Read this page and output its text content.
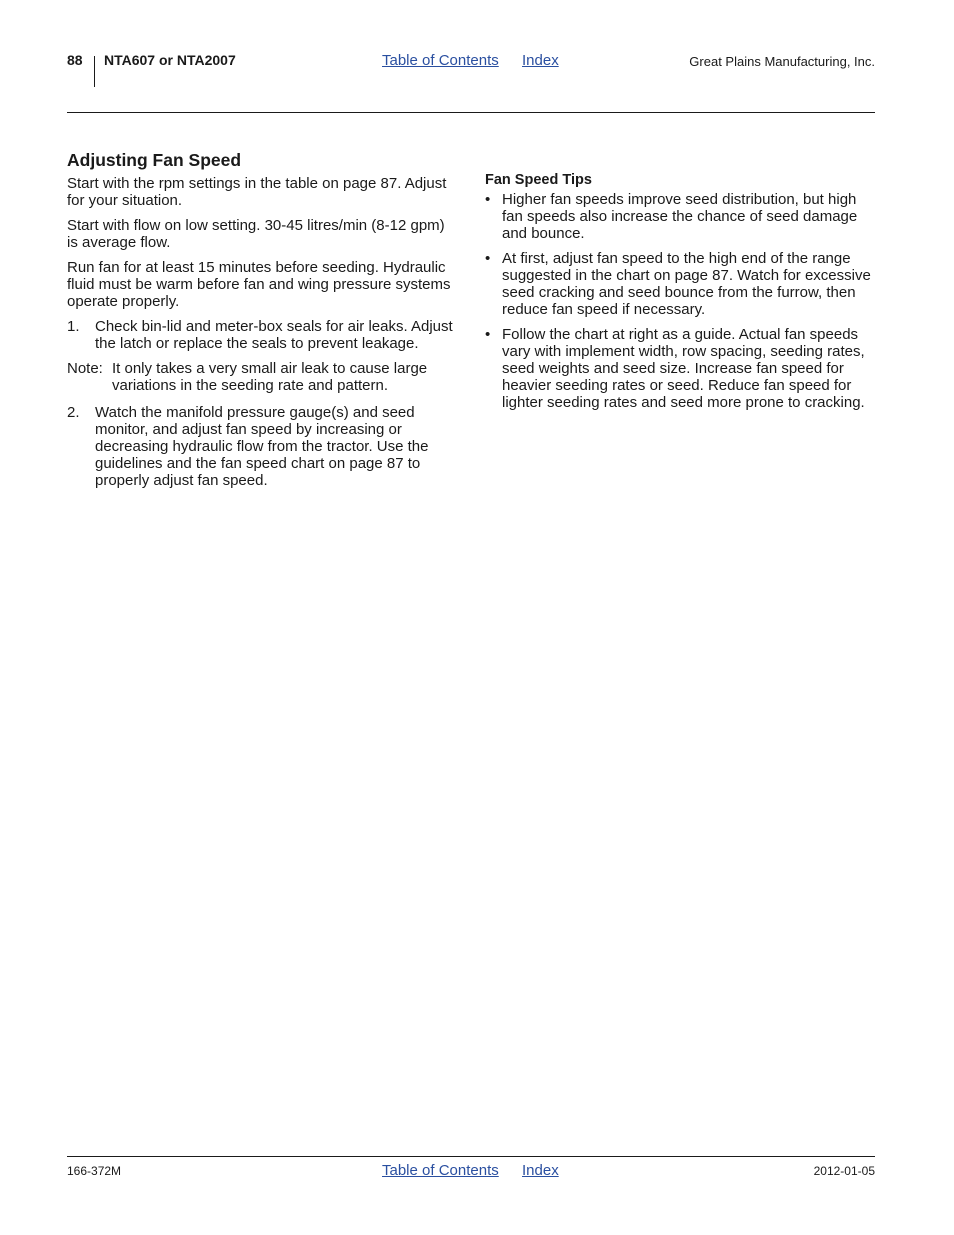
88 NTA607 or NTA2007	Table of Contents Index	Great Plains Manufacturing, Inc.
Adjusting Fan Speed

Start with the rpm settings in the table on page 87. Adjust for your situation.

Start with flow on low setting. 30-45 litres/min (8-12 gpm) is average flow.

Run fan for at least 15 minutes before seeding. Hydraulic fluid must be warm before fan and wing pressure systems operate properly.

1. Check bin-lid and meter-box seals for air leaks. Adjust the latch or replace the seals to prevent leakage.
Note: It only takes a very small air leak to cause large variations in the seeding rate and pattern.
2. Watch the manifold pressure gauge(s) and seed monitor, and adjust fan speed by increasing or decreasing hydraulic flow from the tractor. Use the guidelines and the fan speed chart on page 87 to properly adjust fan speed.
Fan Speed Tips
• Higher fan speeds improve seed distribution, but high fan speeds also increase the chance of seed damage and bounce.
• At first, adjust fan speed to the high end of the range suggested in the chart on page 87. Watch for excessive seed cracking and seed bounce from the furrow, then reduce fan speed if necessary.
• Follow the chart at right as a guide. Actual fan speeds vary with implement width, row spacing, seeding rates, seed weights and seed size. Increase fan speed for heavier seeding rates or seed. Reduce fan speed for lighter seeding rates and seed more prone to cracking.
166-372M	Table of Contents Index	2012-01-05
